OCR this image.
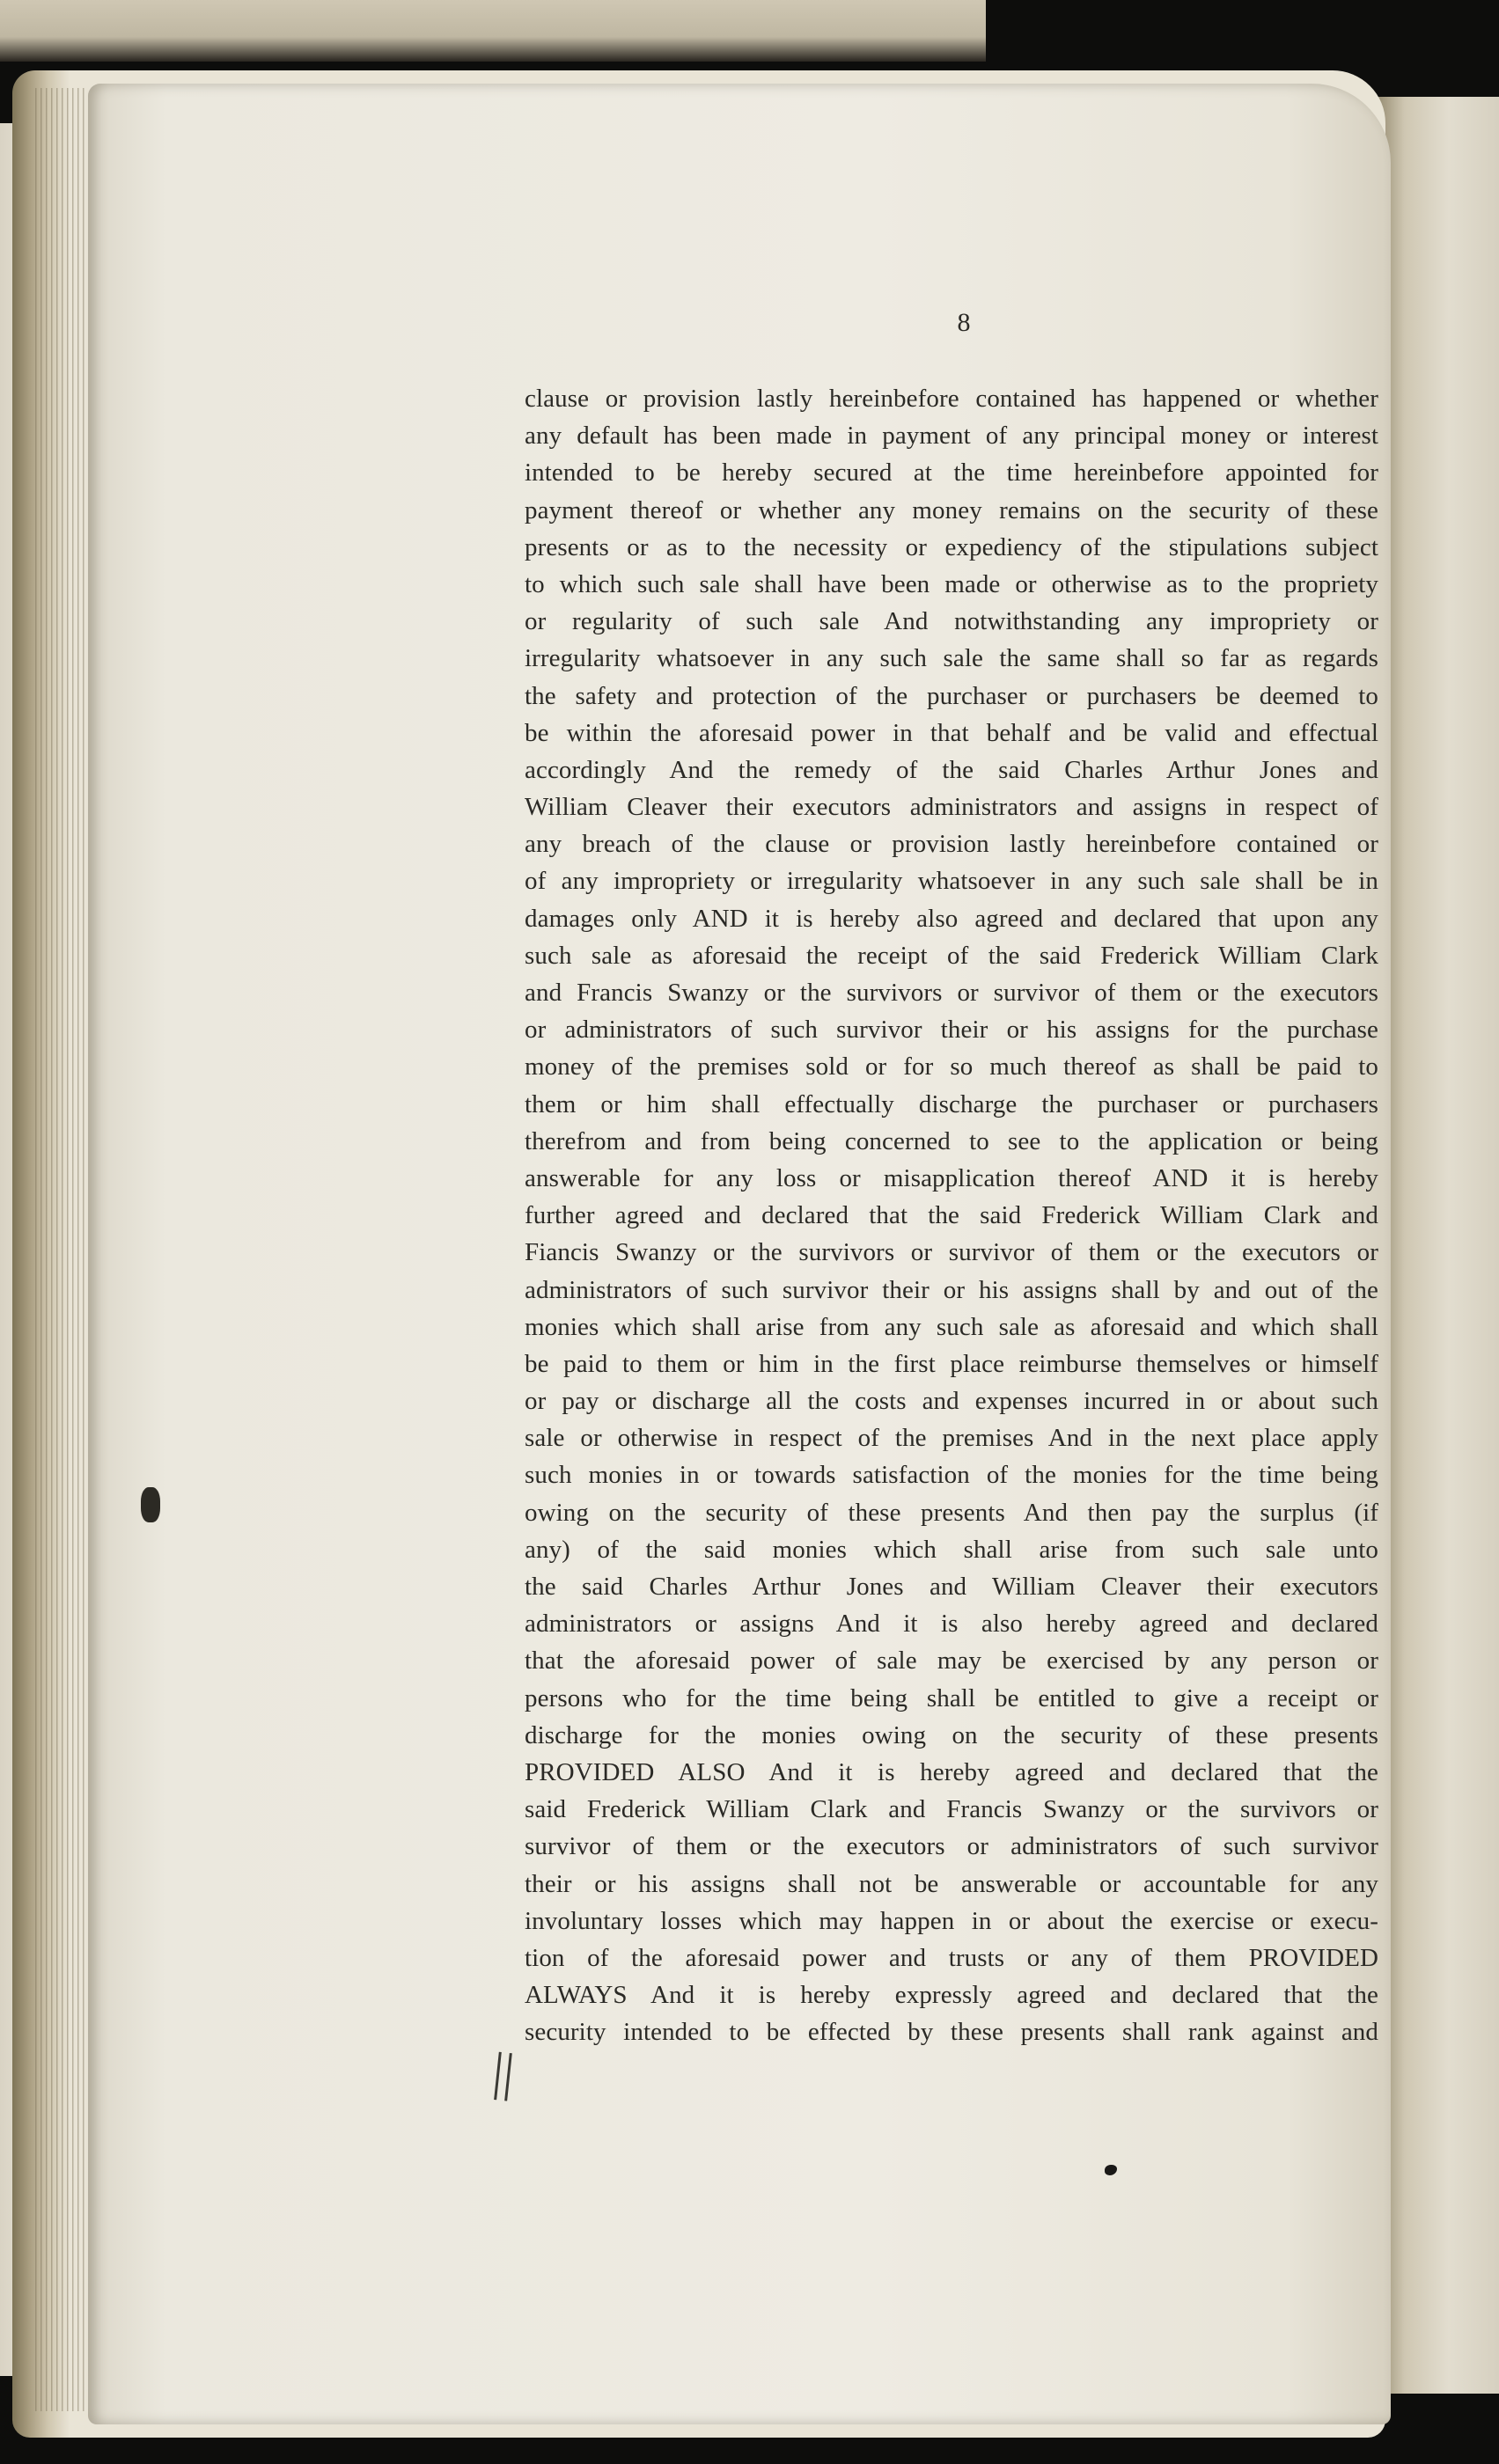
8
clause or provision lastly hereinbefore contained has happened or whether
any default has been made in payment of any principal money or interest
intended to be hereby secured at the time hereinbefore appointed for
payment thereof or whether any money remains on the security of these
presents or as to the necessity or expediency of the stipulations subject
to which such sale shall have been made or otherwise as to the propriety
or regularity of such sale And notwithstanding any impropriety or
irregularity whatsoever in any such sale the same shall so far as regards
the safety and protection of the purchaser or purchasers be deemed to
be within the aforesaid power in that behalf and be valid and effectual
accordingly And the remedy of the said Charles Arthur Jones and
William Cleaver their executors administrators and assigns in respect of
any breach of the clause or provision lastly hereinbefore contained or
of any impropriety or irregularity whatsoever in any such sale shall be in
damages only AND it is hereby also agreed and declared that upon any
such sale as aforesaid the receipt of the said Frederick William Clark
and Francis Swanzy or the survivors or survivor of them or the executors
or administrators of such survivor their or his assigns for the purchase
money of the premises sold or for so much thereof as shall be paid to
them or him shall effectually discharge the purchaser or purchasers
therefrom and from being concerned to see to the application or being
answerable for any loss or misapplication thereof AND it is hereby
further agreed and declared that the said Frederick William Clark and
Fiancis Swanzy or the survivors or survivor of them or the executors or
administrators of such survivor their or his assigns shall by and out of the
monies which shall arise from any such sale as aforesaid and which shall
be paid to them or him in the first place reimburse themselves or himself
or pay or discharge all the costs and expenses incurred in or about such
sale or otherwise in respect of the premises And in the next place apply
such monies in or towards satisfaction of the monies for the time being
owing on the security of these presents And then pay the surplus (if
any) of the said monies which shall arise from such sale unto
the said Charles Arthur Jones and William Cleaver their executors
administrators or assigns And it is also hereby agreed and declared
that the aforesaid power of sale may be exercised by any person or
persons who for the time being shall be entitled to give a receipt or
discharge for the monies owing on the security of these presents
PROVIDED ALSO And it is hereby agreed and declared that the
said Frederick William Clark and Francis Swanzy or the survivors or
survivor of them or the executors or administrators of such survivor
their or his assigns shall not be answerable or accountable for any
involuntary losses which may happen in or about the exercise or execu-
tion of the aforesaid power and trusts or any of them PROVIDED
ALWAYS And it is hereby expressly agreed and declared that the
security intended to be effected by these presents shall rank against and
||
